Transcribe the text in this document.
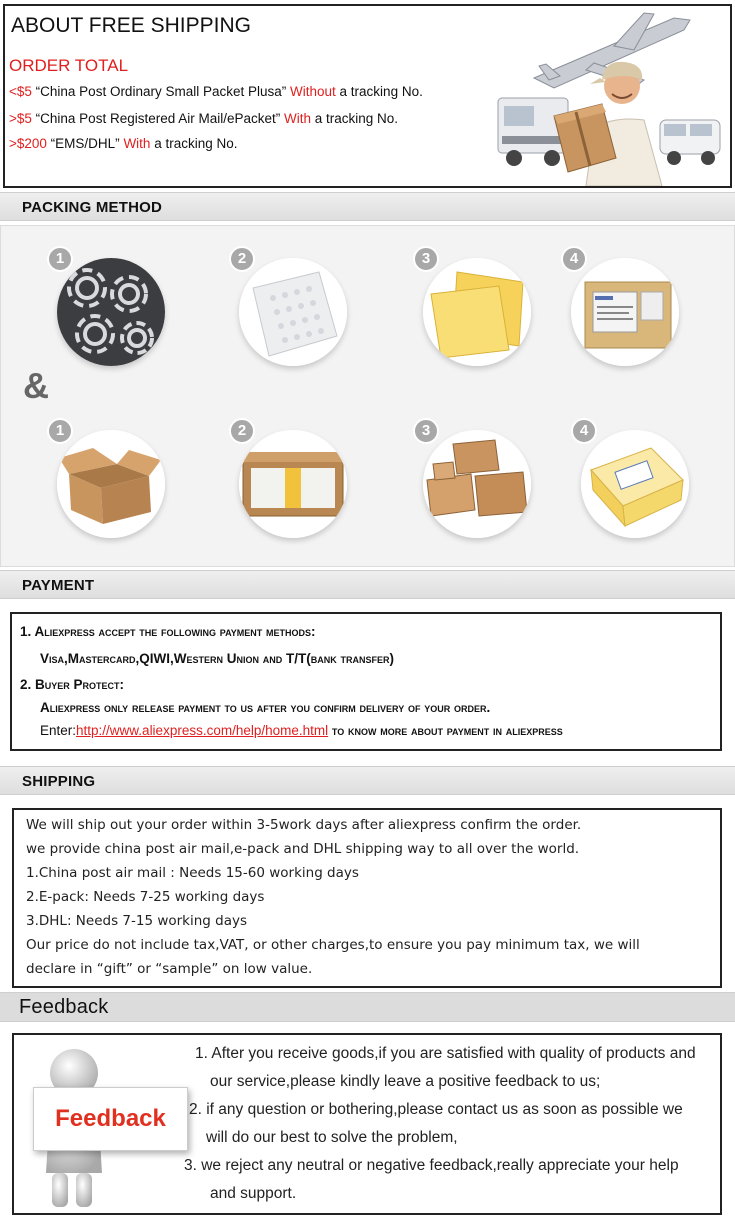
ABOUT FREE SHIPPING
ORDER TOTAL
<$5 “China Post Ordinary Small Packet Plusa” Without a tracking No.
>$5 “China Post Registered Air Mail/ePacket” With a tracking No.
>$200 “EMS/DHL” With a tracking No.
PACKING METHOD
1	2	3	4
&
1	2	3	4
PAYMENT
1. Aliexpress accept the following payment methods:
Visa,Mastercard,QIWI,Western Union and T/T(bank transfer)
2. Buyer Protect:
Aliexpress only release payment to us after you confirm delivery of your order.
Enter:http://www.aliexpress.com/help/home.html to know more about payment in aliexpress
SHIPPING
We will ship out your order within 3-5work days after aliexpress confirm the order.
we provide china post air mail,e-pack and DHL shipping way to all over the world.
1.China post air mail : Needs 15-60 working days
2.E-pack: Needs 7-25 working days
3.DHL: Needs 7-15 working days
Our price do not include tax,VAT, or other charges,to ensure you pay minimum tax, we will
declare in “gift” or “sample” on low value.
Feedback
1. After you receive goods,if you are satisfied with quality of products and
our service,please kindly leave a positive feedback to us;
2. if any question or bothering,please contact us as soon as possible we
will do our best to solve the problem,
3. we reject any neutral or negative feedback,really appreciate your help
and support.
Feedback
